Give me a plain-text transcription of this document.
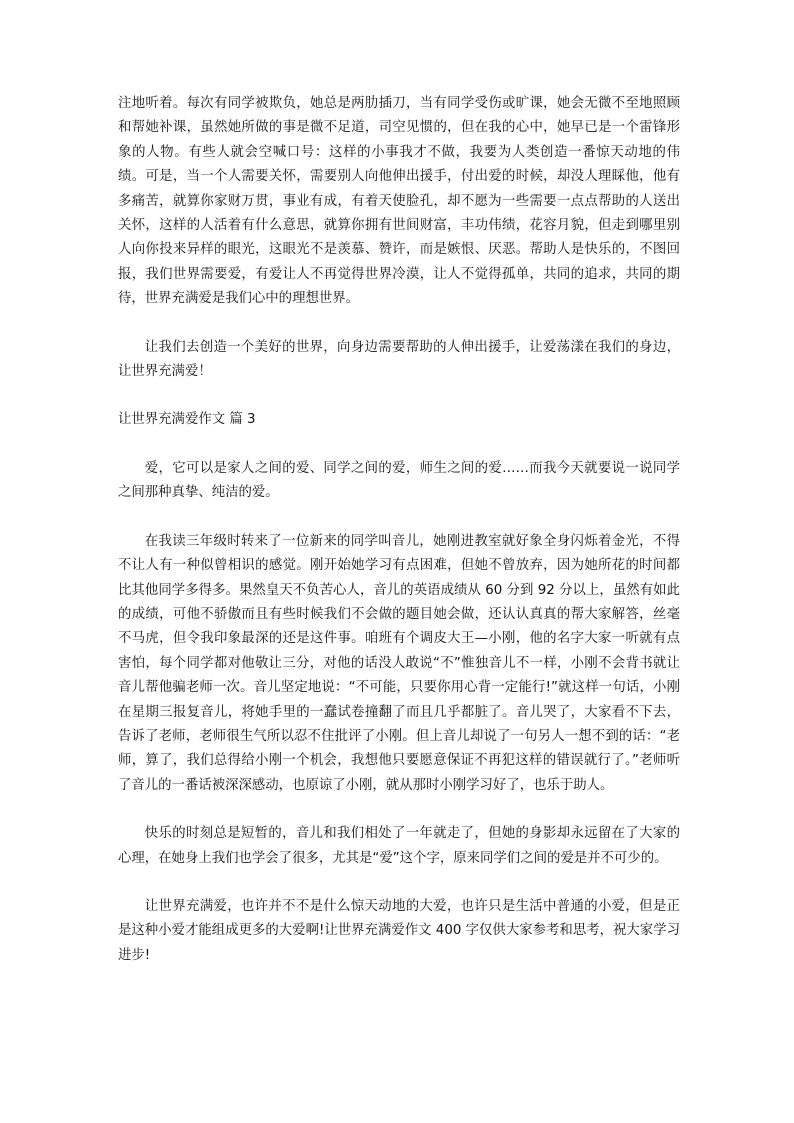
注地听着。每次有同学被欺负，她总是两肋插刀，当有同学受伤或旷课，她会无微不至地照顾和帮她补课，虽然她所做的事是微不足道，司空见惯的，但在我的心中，她早已是一个雷锋形象的人物。有些人就会空喊口号：这样的小事我才不做，我要为人类创造一番惊天动地的伟绩。可是，当一个人需要关怀，需要别人向他伸出援手，付出爱的时候，却没人理睬他，他有多痛苦，就算你家财万贯，事业有成，有着天使脸孔，却不愿为一些需要一点点帮助的人送出关怀，这样的人活着有什么意思，就算你拥有世间财富，丰功伟绩，花容月貌，但走到哪里别人向你投来异样的眼光，这眼光不是羡慕、赞许，而是嫉恨、厌恶。帮助人是快乐的，不图回报，我们世界需要爱，有爱让人不再觉得世界冷漠，让人不觉得孤单，共同的追求，共同的期待，世界充满爱是我们心中的理想世界。

让我们去创造一个美好的世界，向身边需要帮助的人伸出援手，让爱荡漾在我们的身边，让世界充满爱！

让世界充满爱作文 篇 3

爱，它可以是家人之间的爱、同学之间的爱，师生之间的爱……而我今天就要说一说同学之间那种真挚、纯洁的爱。

在我读三年级时转来了一位新来的同学叫音儿，她刚进教室就好象全身闪烁着金光，不得不让人有一种似曾相识的感觉。刚开始她学习有点困难，但她不曾放弃，因为她所花的时间都比其他同学多得多。果然皇天不负苦心人，音儿的英语成绩从 60 分到 92 分以上，虽然有如此的成绩，可他不骄傲而且有些时候我们不会做的题目她会做，还认认真真的帮大家解答，丝毫不马虎，但令我印象最深的还是这件事。咱班有个调皮大王—小刚，他的名字大家一听就有点害怕，每个同学都对他敬让三分，对他的话没人敢说“不”惟独音儿不一样，小刚不会背书就让音儿帮他骗老师一次。音儿坚定地说：“不可能，只要你用心背一定能行!”就这样一句话，小刚在星期三报复音儿，将她手里的一蠢试卷撞翻了而且几乎都脏了。音儿哭了，大家看不下去，告诉了老师，老师很生气所以忍不住批评了小刚。但上音儿却说了一句另人一想不到的话：“老师，算了，我们总得给小刚一个机会，我想他只要愿意保证不再犯这样的错误就行了。”老师听了音儿的一番话被深深感动，也原谅了小刚，就从那时小刚学习好了，也乐于助人。

快乐的时刻总是短暂的，音儿和我们相处了一年就走了，但她的身影却永远留在了大家的心理，在她身上我们也学会了很多，尤其是“爱”这个字，原来同学们之间的爱是并不可少的。

让世界充满爱，也许并不不是什么惊天动地的大爱，也许只是生活中普通的小爱，但是正是这种小爱才能组成更多的大爱啊!让世界充满爱作文 400 字仅供大家参考和思考，祝大家学习进步!
